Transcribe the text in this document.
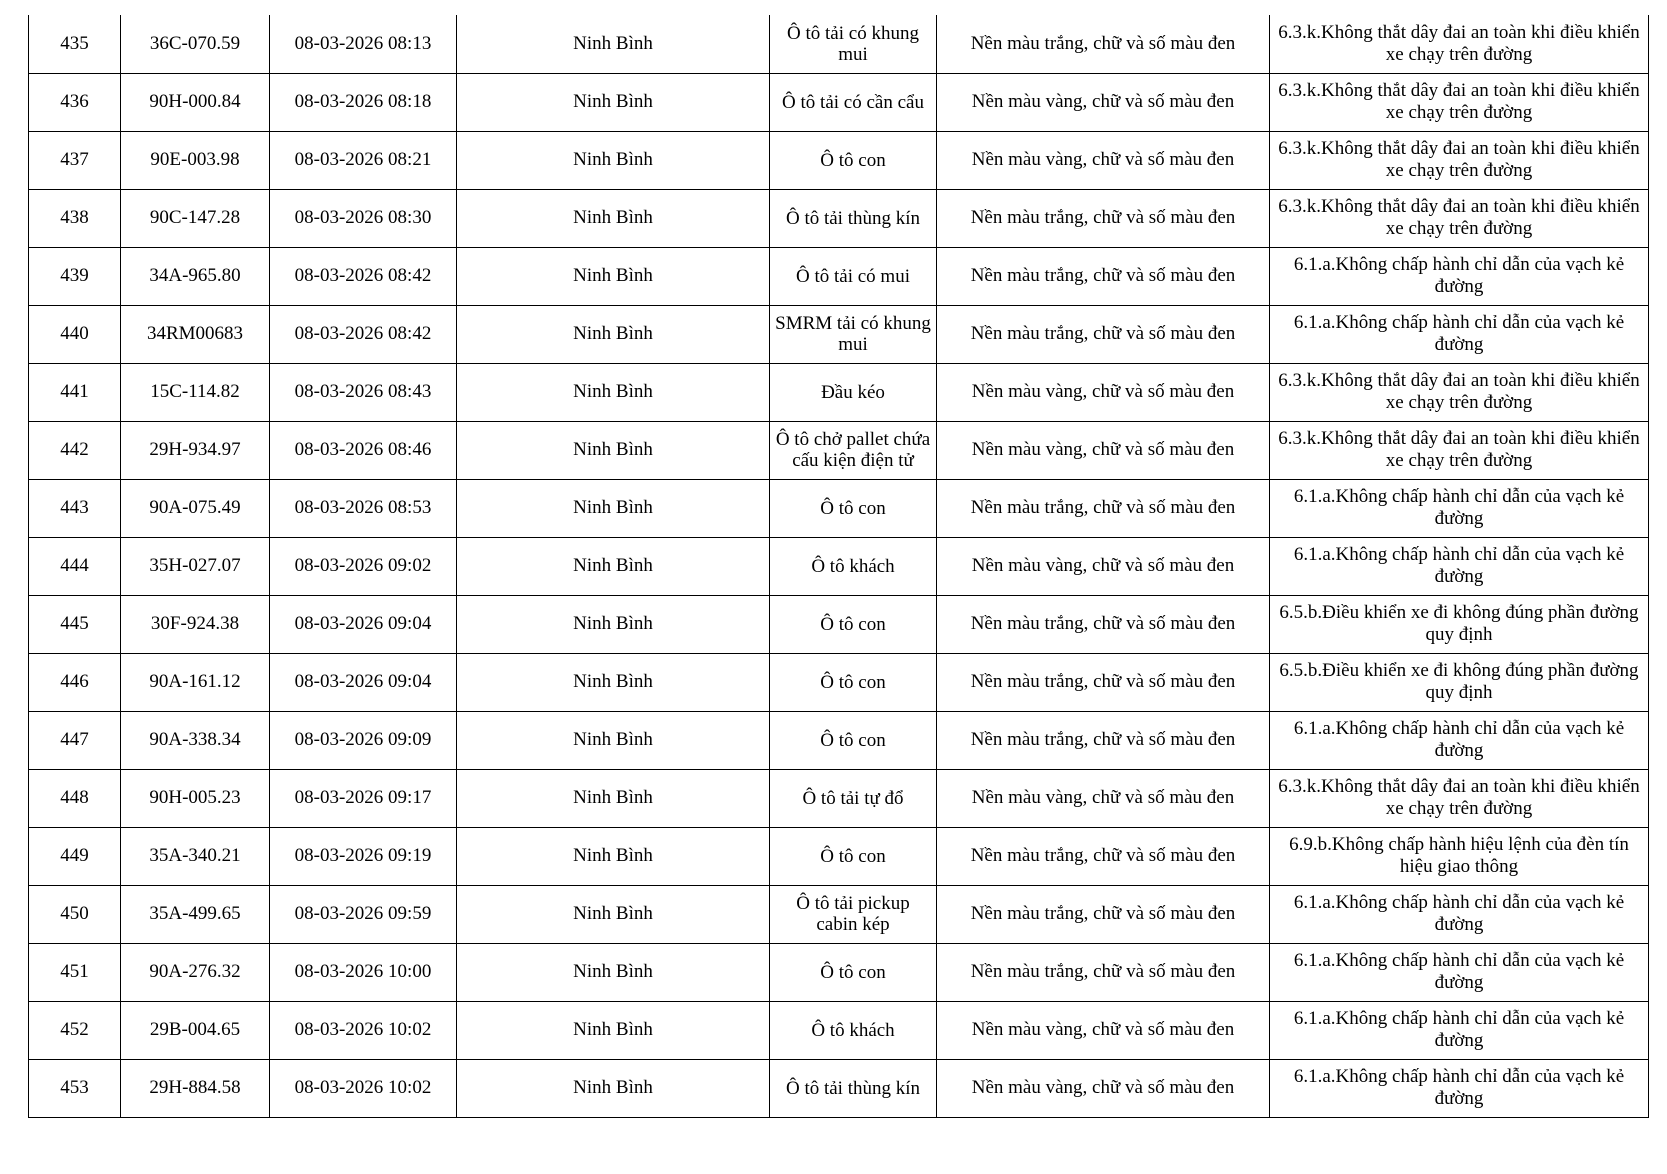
435	36C-070.59	08-03-2026 08:13	Ninh Bình	Ô tô tải có khung mui	Nền màu trắng, chữ và số màu đen	6.3.k.Không thắt dây đai an toàn khi điều khiển xe chạy trên đường
436	90H-000.84	08-03-2026 08:18	Ninh Bình	Ô tô tải có cần cẩu	Nền màu vàng, chữ và số màu đen	6.3.k.Không thắt dây đai an toàn khi điều khiển xe chạy trên đường
437	90E-003.98	08-03-2026 08:21	Ninh Bình	Ô tô con	Nền màu vàng, chữ và số màu đen	6.3.k.Không thắt dây đai an toàn khi điều khiển xe chạy trên đường
438	90C-147.28	08-03-2026 08:30	Ninh Bình	Ô tô tải thùng kín	Nền màu trắng, chữ và số màu đen	6.3.k.Không thắt dây đai an toàn khi điều khiển xe chạy trên đường
439	34A-965.80	08-03-2026 08:42	Ninh Bình	Ô tô tải có mui	Nền màu trắng, chữ và số màu đen	6.1.a.Không chấp hành chỉ dẫn của vạch kẻ đường
440	34RM00683	08-03-2026 08:42	Ninh Bình	SMRM tải có khung mui	Nền màu trắng, chữ và số màu đen	6.1.a.Không chấp hành chỉ dẫn của vạch kẻ đường
441	15C-114.82	08-03-2026 08:43	Ninh Bình	Đầu kéo	Nền màu vàng, chữ và số màu đen	6.3.k.Không thắt dây đai an toàn khi điều khiển xe chạy trên đường
442	29H-934.97	08-03-2026 08:46	Ninh Bình	Ô tô chở pallet chứa cấu kiện điện tử	Nền màu vàng, chữ và số màu đen	6.3.k.Không thắt dây đai an toàn khi điều khiển xe chạy trên đường
443	90A-075.49	08-03-2026 08:53	Ninh Bình	Ô tô con	Nền màu trắng, chữ và số màu đen	6.1.a.Không chấp hành chỉ dẫn của vạch kẻ đường
444	35H-027.07	08-03-2026 09:02	Ninh Bình	Ô tô khách	Nền màu vàng, chữ và số màu đen	6.1.a.Không chấp hành chỉ dẫn của vạch kẻ đường
445	30F-924.38	08-03-2026 09:04	Ninh Bình	Ô tô con	Nền màu trắng, chữ và số màu đen	6.5.b.Điều khiển xe đi không đúng phần đường quy định
446	90A-161.12	08-03-2026 09:04	Ninh Bình	Ô tô con	Nền màu trắng, chữ và số màu đen	6.5.b.Điều khiển xe đi không đúng phần đường quy định
447	90A-338.34	08-03-2026 09:09	Ninh Bình	Ô tô con	Nền màu trắng, chữ và số màu đen	6.1.a.Không chấp hành chỉ dẫn của vạch kẻ đường
448	90H-005.23	08-03-2026 09:17	Ninh Bình	Ô tô tải tự đổ	Nền màu vàng, chữ và số màu đen	6.3.k.Không thắt dây đai an toàn khi điều khiển xe chạy trên đường
449	35A-340.21	08-03-2026 09:19	Ninh Bình	Ô tô con	Nền màu trắng, chữ và số màu đen	6.9.b.Không chấp hành hiệu lệnh của đèn tín hiệu giao thông
450	35A-499.65	08-03-2026 09:59	Ninh Bình	Ô tô tải pickup cabin kép	Nền màu trắng, chữ và số màu đen	6.1.a.Không chấp hành chỉ dẫn của vạch kẻ đường
451	90A-276.32	08-03-2026 10:00	Ninh Bình	Ô tô con	Nền màu trắng, chữ và số màu đen	6.1.a.Không chấp hành chỉ dẫn của vạch kẻ đường
452	29B-004.65	08-03-2026 10:02	Ninh Bình	Ô tô khách	Nền màu vàng, chữ và số màu đen	6.1.a.Không chấp hành chỉ dẫn của vạch kẻ đường
453	29H-884.58	08-03-2026 10:02	Ninh Bình	Ô tô tải thùng kín	Nền màu vàng, chữ và số màu đen	6.1.a.Không chấp hành chỉ dẫn của vạch kẻ đường
